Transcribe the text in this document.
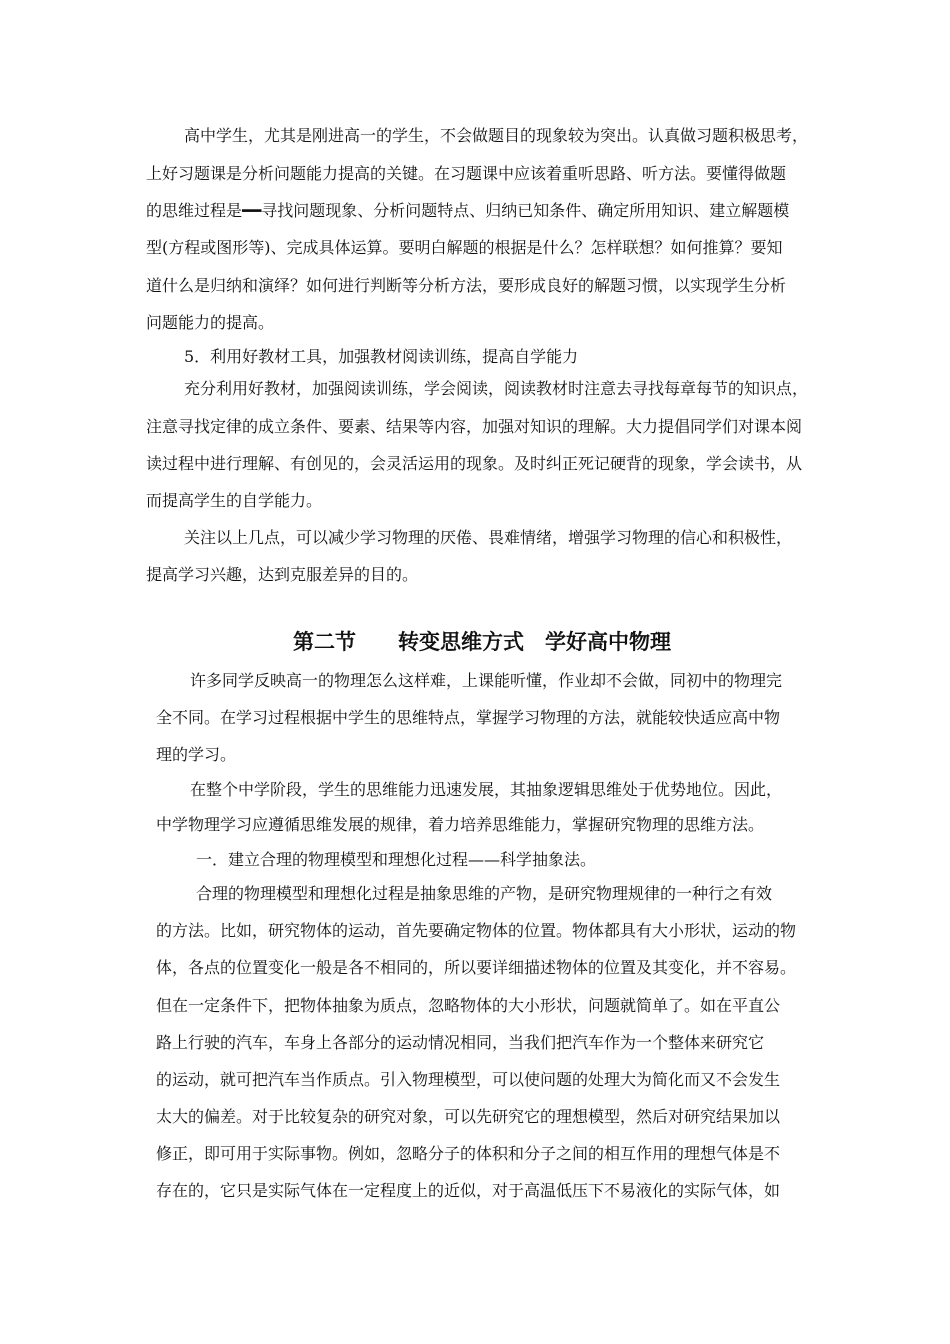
高中学生，尤其是刚进高一的学生，不会做题目的现象较为突出。认真做习题积极思考，
上好习题课是分析问题能力提高的关键。在习题课中应该着重听思路、听方法。要懂得做题
的思维过程是━━寻找问题现象、分析问题特点、归纳已知条件、确定所用知识、建立解题模
型(方程或图形等)、完成具体运算。要明白解题的根据是什么？怎样联想？如何推算？要知
道什么是归纳和演绎？如何进行判断等分析方法，要形成良好的解题习惯，以实现学生分析
问题能力的提高。
5．利用好教材工具，加强教材阅读训练，提高自学能力
充分利用好教材，加强阅读训练，学会阅读，阅读教材时注意去寻找每章每节的知识点，
注意寻找定律的成立条件、要素、结果等内容，加强对知识的理解。大力提倡同学们对课本阅
读过程中进行理解、有创见的，会灵活运用的现象。及时纠正死记硬背的现象，学会读书，从
而提高学生的自学能力。
关注以上几点，可以减少学习物理的厌倦、畏难情绪，增强学习物理的信心和积极性，
提高学习兴趣，达到克服差异的目的。
第二节　　转变思维方式　学好高中物理
许多同学反映高一的物理怎么这样难，上课能听懂，作业却不会做，同初中的物理完
全不同。在学习过程根据中学生的思维特点，掌握学习物理的方法，就能较快适应高中物
理的学习。
在整个中学阶段，学生的思维能力迅速发展，其抽象逻辑思维处于优势地位。因此，
中学物理学习应遵循思维发展的规律，着力培养思维能力，掌握研究物理的思维方法。
一．建立合理的物理模型和理想化过程——科学抽象法。
合理的物理模型和理想化过程是抽象思维的产物，是研究物理规律的一种行之有效
的方法。比如，研究物体的运动，首先要确定物体的位置。物体都具有大小形状，运动的物
体，各点的位置变化一般是各不相同的，所以要详细描述物体的位置及其变化，并不容易。
但在一定条件下，把物体抽象为质点，忽略物体的大小形状，问题就简单了。如在平直公
路上行驶的汽车，车身上各部分的运动情况相同，当我们把汽车作为一个整体来研究它
的运动，就可把汽车当作质点。引入物理模型，可以使问题的处理大为简化而又不会发生
太大的偏差。对于比较复杂的研究对象，可以先研究它的理想模型，然后对研究结果加以
修正，即可用于实际事物。例如，忽略分子的体积和分子之间的相互作用的理想气体是不
存在的，它只是实际气体在一定程度上的近似，对于高温低压下不易液化的实际气体，如
